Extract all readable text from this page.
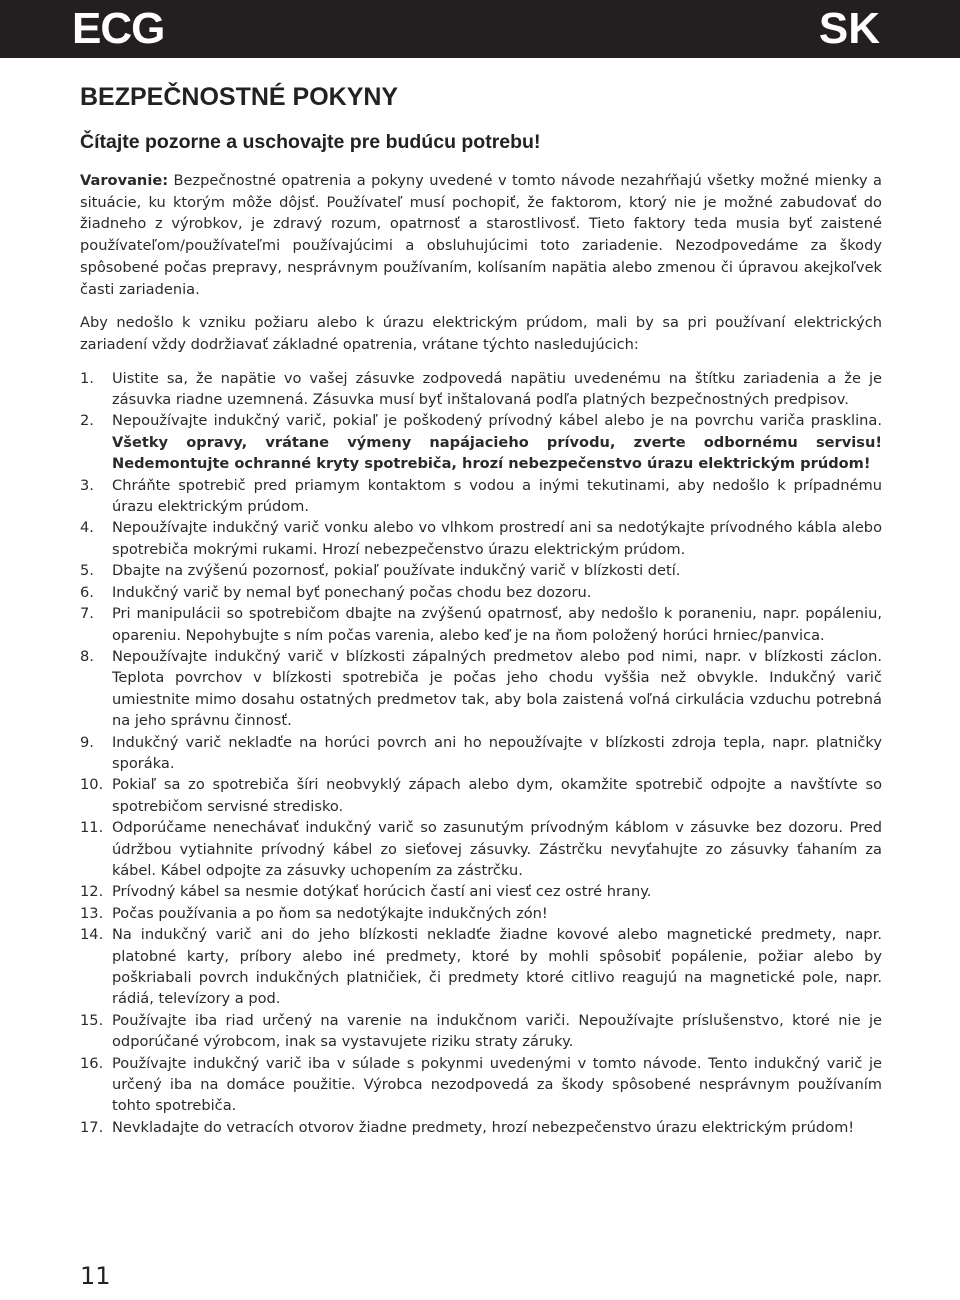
ECG	SK
BEZPEČNOSTNÉ POKYNY
Čítajte pozorne a uschovajte pre budúcu potrebu!

Varovanie: Bezpečnostné opatrenia a pokyny uvedené v tomto návode nezahŕňajú všetky možné mienky a situácie, ku ktorým môže dôjsť. Používateľ musí pochopiť, že faktorom, ktorý nie je možné zabudovať do žiadneho z výrobkov, je zdravý rozum, opatrnosť a starostlivosť. Tieto faktory teda musia byť zaistené používateľom/používateľmi používajúcimi a obsluhujúcimi toto zariadenie. Nezodpovedáme za škody spôsobené počas prepravy, nesprávnym používaním, kolísaním napätia alebo zmenou či úpravou akejkoľvek časti zariadenia.

Aby nedošlo k vzniku požiaru alebo k úrazu elektrickým prúdom, mali by sa pri používaní elektrických zariadení vždy dodržiavať základné opatrenia, vrátane týchto nasledujúcich:

1. Uistite sa, že napätie vo vašej zásuvke zodpovedá napätiu uvedenému na štítku zariadenia a že je zásuvka riadne uzemnená. Zásuvka musí byť inštalovaná podľa platných bezpečnostných predpisov.
2. Nepoužívajte indukčný varič, pokiaľ je poškodený prívodný kábel alebo je na povrchu variča prasklina. Všetky opravy, vrátane výmeny napájacieho prívodu, zverte odbornému servisu! Nedemontujte ochranné kryty spotrebiča, hrozí nebezpečenstvo úrazu elektrickým prúdom!
3. Chráňte spotrebič pred priamym kontaktom s vodou a inými tekutinami, aby nedošlo k prípadnému úrazu elektrickým prúdom.
4. Nepoužívajte indukčný varič vonku alebo vo vlhkom prostredí ani sa nedotýkajte prívodného kábla alebo spotrebiča mokrými rukami. Hrozí nebezpečenstvo úrazu elektrickým prúdom.
5. Dbajte na zvýšenú pozornosť, pokiaľ používate indukčný varič v blízkosti detí.
6. Indukčný varič by nemal byť ponechaný počas chodu bez dozoru.
7. Pri manipulácii so spotrebičom dbajte na zvýšenú opatrnosť, aby nedošlo k poraneniu, napr. popáleniu, opareniu. Nepohybujte s ním počas varenia, alebo keď je na ňom položený horúci hrniec/panvica.
8. Nepoužívajte indukčný varič v blízkosti zápalných predmetov alebo pod nimi, napr. v blízkosti záclon. Teplota povrchov v blízkosti spotrebiča je počas jeho chodu vyššia než obvykle. Indukčný varič umiestnite mimo dosahu ostatných predmetov tak, aby bola zaistená voľná cirkulácia vzduchu potrebná na jeho správnu činnosť.
9. Indukčný varič nekladťe na horúci povrch ani ho nepoužívajte v blízkosti zdroja tepla, napr. platničky sporáka.
10. Pokiaľ sa zo spotrebiča šíri neobvyklý zápach alebo dym, okamžite spotrebič odpojte a navštívte so spotrebičom servisné stredisko.
11. Odporúčame nenechávať indukčný varič so zasunutým prívodným káblom v zásuvke bez dozoru. Pred údržbou vytiahnite prívodný kábel zo sieťovej zásuvky. Zástrčku nevyťahujte zo zásuvky ťahaním za kábel. Kábel odpojte za zásuvky uchopením za zástrčku.
12. Prívodný kábel sa nesmie dotýkať horúcich častí ani viesť cez ostré hrany.
13. Počas používania a po ňom sa nedotýkajte indukčných zón!
14. Na indukčný varič ani do jeho blízkosti nekladťe žiadne kovové alebo magnetické predmety, napr. platobné karty, príbory alebo iné predmety, ktoré by mohli spôsobiť popálenie, požiar alebo by poškriabali povrch indukčných platničiek, či predmety ktoré citlivo reagujú na magnetické pole, napr. rádiá, televízory a pod.
15. Používajte iba riad určený na varenie na indukčnom variči. Nepoužívajte príslušenstvo, ktoré nie je odporúčané výrobcom, inak sa vystavujete riziku straty záruky.
16. Používajte indukčný varič iba v súlade s pokynmi uvedenými v tomto návode. Tento indukčný varič je určený iba na domáce použitie. Výrobca nezodpovedá za škody spôsobené nesprávnym používaním tohto spotrebiča.
17. Nevkladajte do vetracích otvorov žiadne predmety, hrozí nebezpečenstvo úrazu elektrickým prúdom!
11
